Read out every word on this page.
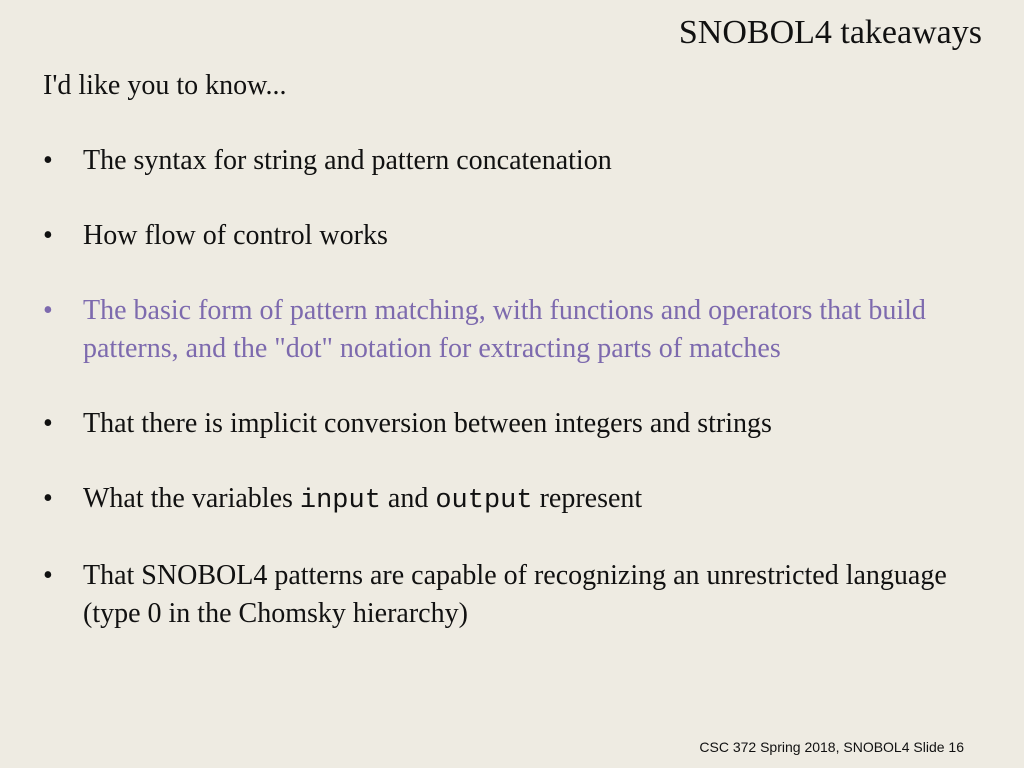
SNOBOL4 takeaways
I'd like you to know...
• The syntax for string and pattern concatenation
• How flow of control works
• The basic form of pattern matching, with functions and operators that build patterns, and the "dot" notation for extracting parts of matches
• That there is implicit conversion between integers and strings
• What the variables input and output represent
• That SNOBOL4 patterns are capable of recognizing an unrestricted language (type 0 in the Chomsky hierarchy)
CSC 372 Spring 2018, SNOBOL4 Slide 16
